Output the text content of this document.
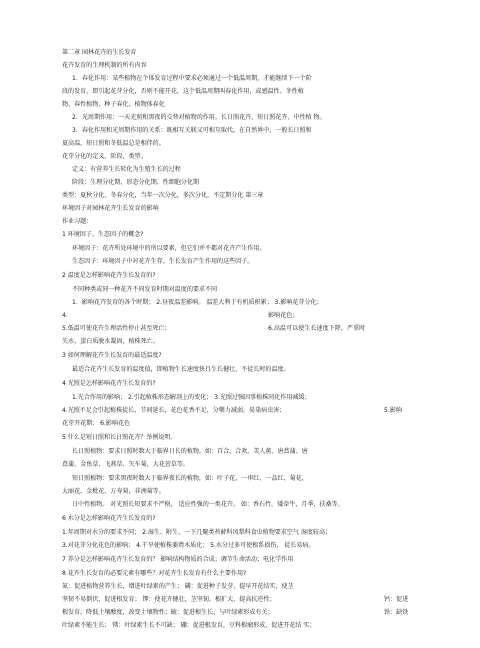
第二章 园林花卉的生长发育
花卉发育的生理机制的所有内容
1．春化作用：某些植物在个体发育过程中要求必须通过一个低温周期，才能继续下一个阶
段的发育，即引起花芽分化，否则不能开花，这个低温周期叫春化作用，或感温性。冬性植
物、春性植物、种子春化、植物体春化
2．光周期作用：一天光照和黑夜的交替对植物的作用。长日照花卉、短日照花卉、中性植 物。
3．春化作用和光周期作用的关系：既相互关联又可相互取代。在自然界中，一般长日照和
夏高温，短日照和冬低温总是相伴的。
花芽分化的定义，阶段，类型。
定义：有营养生长转化为生殖生长的过程
阶段：生理分化期、形态分化期、性细胞分化期
类型：夏秋分化，冬春分化，当年一次分化，多次分化，不定期分化 第三章
环境因子对园林花卉生长发育的影响
作业习题：
1 环境因子、生态因子的概念?
环境因子：花卉所处环境中的所以要素，但它们并不都对花卉产生作用。
生态因子：环境因子中对花卉生存、生长发育产生作用的这些因子。
2 温度是怎样影响花卉生长发育的?
不同种类或同一种花卉不同发育时期对温度的要求不同
1．影响花卉发育的各个时期； 2.昼夜温差影响。 温差大利于有机质积累； 3.影响花芽分化；
4.	影响花色；
5.低温可使花卉生理活性停止甚至死亡；	6.高温可以使生长速度下降，严重时
失水，蛋白质脱水凝固，植株死亡。
3 如何理解花卉生长发育的最适温度?
最适合花卉生长发育的温度值，即植物生长速度快且生长健壮、不徒长时的温度。
4 光照是怎样影响花卉生长发育的?
1.光合作用的影响； 2.引起植株形态解剖上的变化； 3.光照过强因事植株同化作用减缓；
4.光照不足会引起植株徒长，节间延长，花色花香不足，分蘖力减弱，易染病虫害；	5.影响
花芽开花期； 6.影响花色
5 什么是短日照和长日照花卉？举例说明。
长日照植物：要求日照时数大于临界日长的植物。如：百合、合欢、美人蕉、唐菖蒲、唐
菖蒲、金鱼草、飞燕草、矢车菊、大花萱草等。
短日照植物：要求黑夜时数大于临界夜长的植物，如：叶子花、一串红、一品红、菊花、
大丽花、金秕花、万寿菊，非洲菊等。
日中性植物。 对光照长短要求不严格， 适应性强的一类花卉。 如：香石竹，矮牵牛，月季，扶桑等。
6 水分是怎样影响花卉生长发育的?
1.年周期对水分的要求不同； 2.湿生、附生、一下几聚类苔藓科凤梨科食虫植物要求空气 湿度较高；
3.对花芽分化花色的影响； 4.干旱使植株萎蔫木质化； 5.水分过多可使根系损伤， 徒长易病。
7 养分是怎样影响花卉生长发育的？ 影响结构物质的合成；调节生命活动；电化学作用
8 花卉生长发育的必要元素有哪些？对花卉生长发育有什么主要作用?
氮：促进植物营养生长，增进叶绿素的产生； 磷：促进种子发芽，提早开花结实，使茎
坚韧不易倒伏，促进根发育； 钾：使花卉健壮，茎坚韧，根扩大，提高抗逆性；	钙：促进
根发育，降低土壤酸度，改变土壤物性；硫：促进根生长，与叶绿素形成有关；	铁：缺铁
叶绿素不能生长； 镁：叶绿素生长不可缺； 硼：促进根发育，豆科根瘤形成，促进开花结 实；
